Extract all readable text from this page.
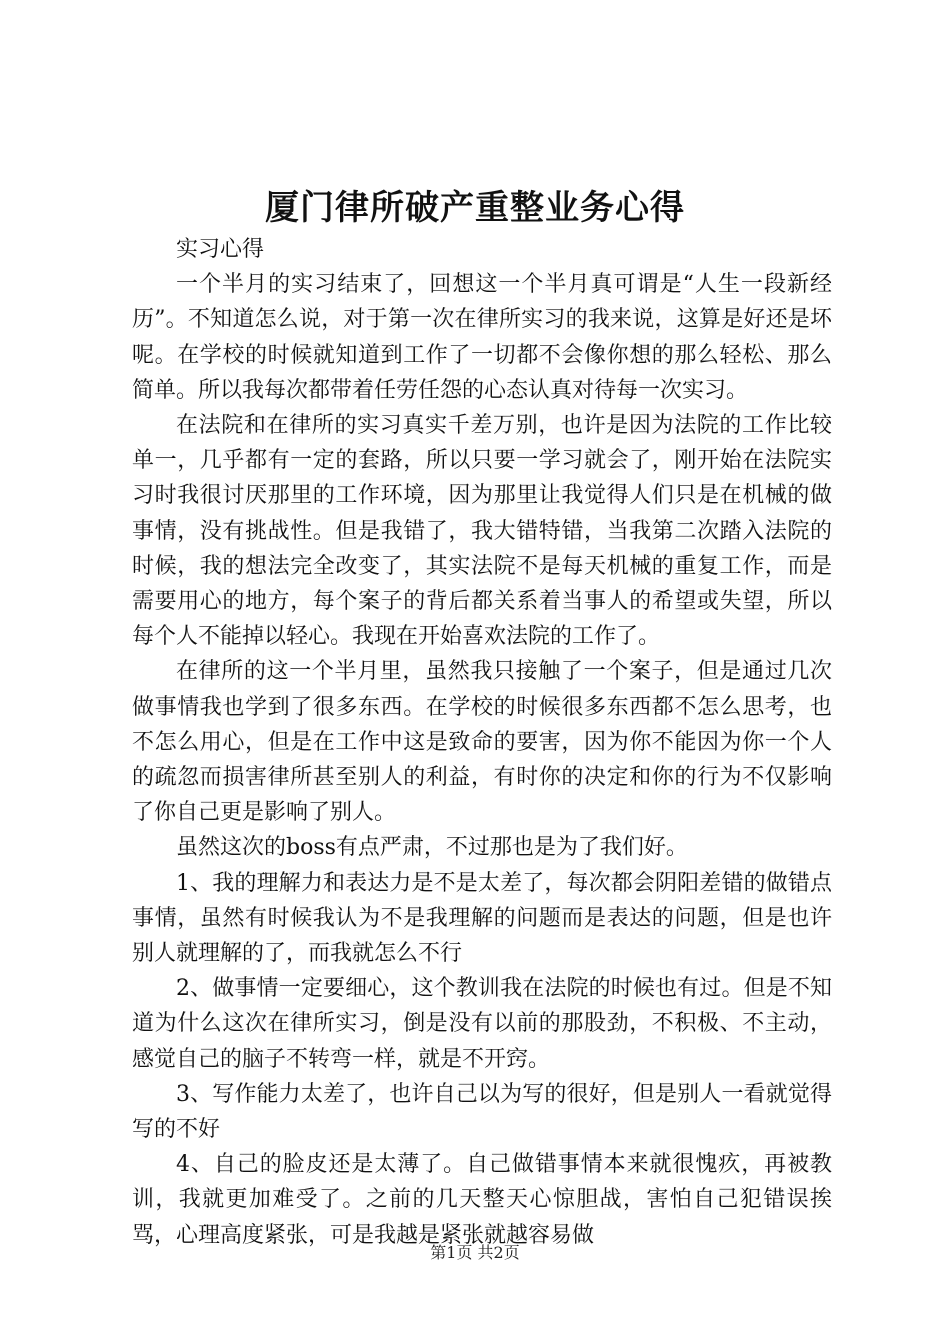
厦门律所破产重整业务心得

实习心得

一个半月的实习结束了，回想这一个半月真可谓是“人生一段新经历”。不知道怎么说，对于第一次在律所实习的我来说，这算是好还是坏呢。在学校的时候就知道到工作了一切都不会像你想的那么轻松、那么简单。所以我每次都带着任劳任怨的心态认真对待每一次实习。

在法院和在律所的实习真实千差万别，也许是因为法院的工作比较单一，几乎都有一定的套路，所以只要一学习就会了，刚开始在法院实习时我很讨厌那里的工作环境，因为那里让我觉得人们只是在机械的做事情，没有挑战性。但是我错了，我大错特错，当我第二次踏入法院的时候，我的想法完全改变了，其实法院不是每天机械的重复工作，而是需要用心的地方，每个案子的背后都关系着当事人的希望或失望，所以每个人不能掉以轻心。我现在开始喜欢法院的工作了。

在律所的这一个半月里，虽然我只接触了一个案子，但是通过几次做事情我也学到了很多东西。在学校的时候很多东西都不怎么思考，也不怎么用心，但是在工作中这是致命的要害，因为你不能因为你一个人的疏忽而损害律所甚至别人的利益，有时你的决定和你的行为不仅影响了你自己更是影响了别人。

虽然这次的boss有点严肃，不过那也是为了我们好。

1、我的理解力和表达力是不是太差了，每次都会阴阳差错的做错点事情，虽然有时候我认为不是我理解的问题而是表达的问题，但是也许别人就理解的了，而我就怎么不行

2、做事情一定要细心，这个教训我在法院的时候也有过。但是不知道为什么这次在律所实习，倒是没有以前的那股劲，不积极、不主动，感觉自己的脑子不转弯一样，就是不开窍。

3、写作能力太差了，也许自己以为写的很好，但是别人一看就觉得写的不好

4、自己的脸皮还是太薄了。自己做错事情本来就很愧疚，再被教训，我就更加难受了。之前的几天整天心惊胆战，害怕自己犯错误挨骂，心理高度紧张，可是我越是紧张就越容易做

第1页 共2页
